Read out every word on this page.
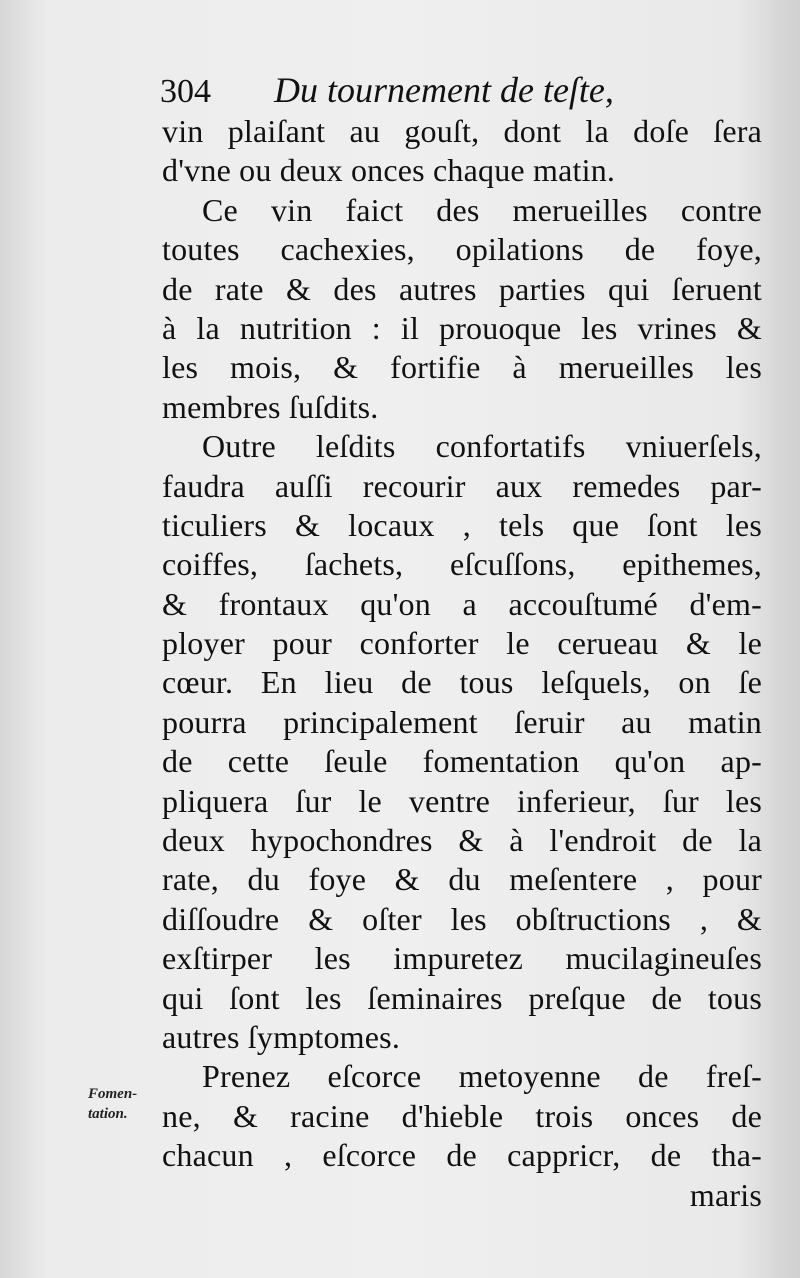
304 Du tournement de teſte,
Fomen-
tation.
vin plaiſant au gouſt, dont la doſe ſera
d'vne ou deux onces chaque matin.
Ce vin faict des merueilles contre
toutes cachexies, opilations de foye,
de rate & des autres parties qui ſeruent
à la nutrition : il prouoque les vrines &
les mois, & fortifie à merueilles les
membres ſuſdits.
Outre leſdits confortatifs vniuerſels,
faudra auſſi recourir aux remedes par-
ticuliers & locaux , tels que ſont les
coiffes, ſachets, eſcuſſons, epithemes,
& frontaux qu'on a accouſtumé d'em-
ployer pour conforter le cerueau & le
cœur. En lieu de tous leſquels, on ſe
pourra principalement ſeruir au matin
de cette ſeule fomentation qu'on ap-
pliquera ſur le ventre inferieur, ſur les
deux hypochondres & à l'endroit de la
rate, du foye & du meſentere , pour
diſſoudre & oſter les obſtructions , &
exſtirper les impuretez mucilagineuſes
qui ſont les ſeminaires preſque de tous
autres ſymptomes.
Prenez eſcorce metoyenne de freſ-
ne, & racine d'hieble trois onces de
chacun , eſcorce de cappricr, de tha-
maris
